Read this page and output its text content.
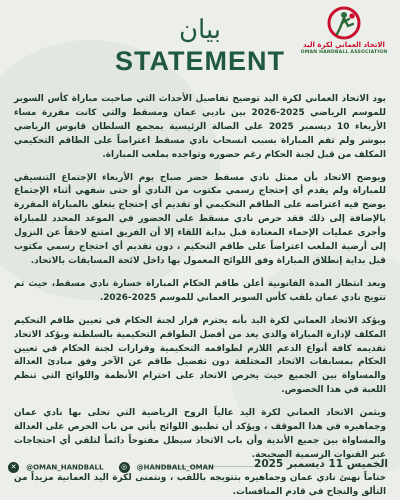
الاتحاد العماني لكرة اليد
OMAN HANDBALL ASSOCIATION
بيان
STATEMENT

يود الاتحاد العماني لكرة اليد توضيح تفاصيل الأحداث التي صاحبت مباراة كأس السوبر للموسم الرياضي 2025-2026 بين ناديي عمان ومسقط والتي كانت مقررة مساء الأربعاء 10 ديسمبر 2025 على الصالة الرئيسية بمجمع السلطان قابوس الرياضي ببوشر ولم تقم المباراة بسبب انسحاب نادي مسقط اعتراضاً على الطاقم التحكيمي المكلف من قبل لجنة الحكام رغم حضوره وتواجده بملعب المباراة.

ويوضح الاتحاد بأن ممثل نادي مسقط حضر صباح يوم الأربعاء الإجتماع التنسيقي للمباراة ولم يقدم أي إحتجاج رسمي مكتوب من النادي أو حتى شفهي أثناء الإجتماع يوضح فيه اعتراضه على الطاقم التحكيمي أو تقديم أي إحتجاج يتعلق بالمباراة المقررة بالإضافة إلى ذلك فقد حرص نادي مسقط على الحضور في الموعد المحدد للمباراة وأجرى عمليات الإحماء المعتادة قبل بداية اللقاء إلا أن الفريق امتنع لاحقاً عن النزول إلى أرضية الملعب اعتراضاً على طاقم التحكيم ، دون تقديم أي احتجاج رسمي مكتوب قبل بداية إنطلاق المباراة وفق اللوائح المعمول بها داخل لائحة المسابقات بالاتحاد.

وبعد انتظار المدة القانونية أعلن طاقم الحكام المباراة خسارة نادي مسقط، حيث تم تتويج نادي عمان بلقب كأس السوبر العماني للموسم 2025-2026.

ويؤكد الاتحاد العماني لكرة اليد بأنه يحترم قرار لجنة الحكام في تعيين طاقم التحكيم المكلف لإدارة المباراة والذي يعد من أفضل الطواقم التحكيمية بالسلطنة ويؤكد الاتحاد تقديمه كافة أنواع الدعم اللازم لطواقمه التحكيمية وقرارات لجنة الحكام في تعيين الحكام بمسابقات الاتحاد المختلفة دون تفضيل طاقم عن الآخر وفق مبادئ العدالة والمساواة بين الجميع حيث يحرص الاتحاد على احترام الأنظمة واللوائح التي تنظم اللعبة في هذا الخصوص.

ويثمن الاتحاد العماني لكرة اليد عالياً الروح الرياضية التي تحلى بها نادي عمان وجماهيره في هذا الموقف ، ويؤكد أن تطبيق اللوائح يأتي من باب الحرص على العدالة والمساواة بين جميع الأندية وأن باب الاتحاد سيظل مفتوحاً دائماً لتلقي أي احتجاجات عبر القنوات الرسمية الصحيحة.

ختاماً نهنئ نادي عمان وجماهيره بتتويجه باللقب ، ونتمنى لكرة اليد العمانية مزيداً من التألق والنجاح في قادم المنافسات.

✕ @OMAN_HANDBALL	◎ @HANDBALL_OMAN	الخميس 11 ديسمبر 2025
